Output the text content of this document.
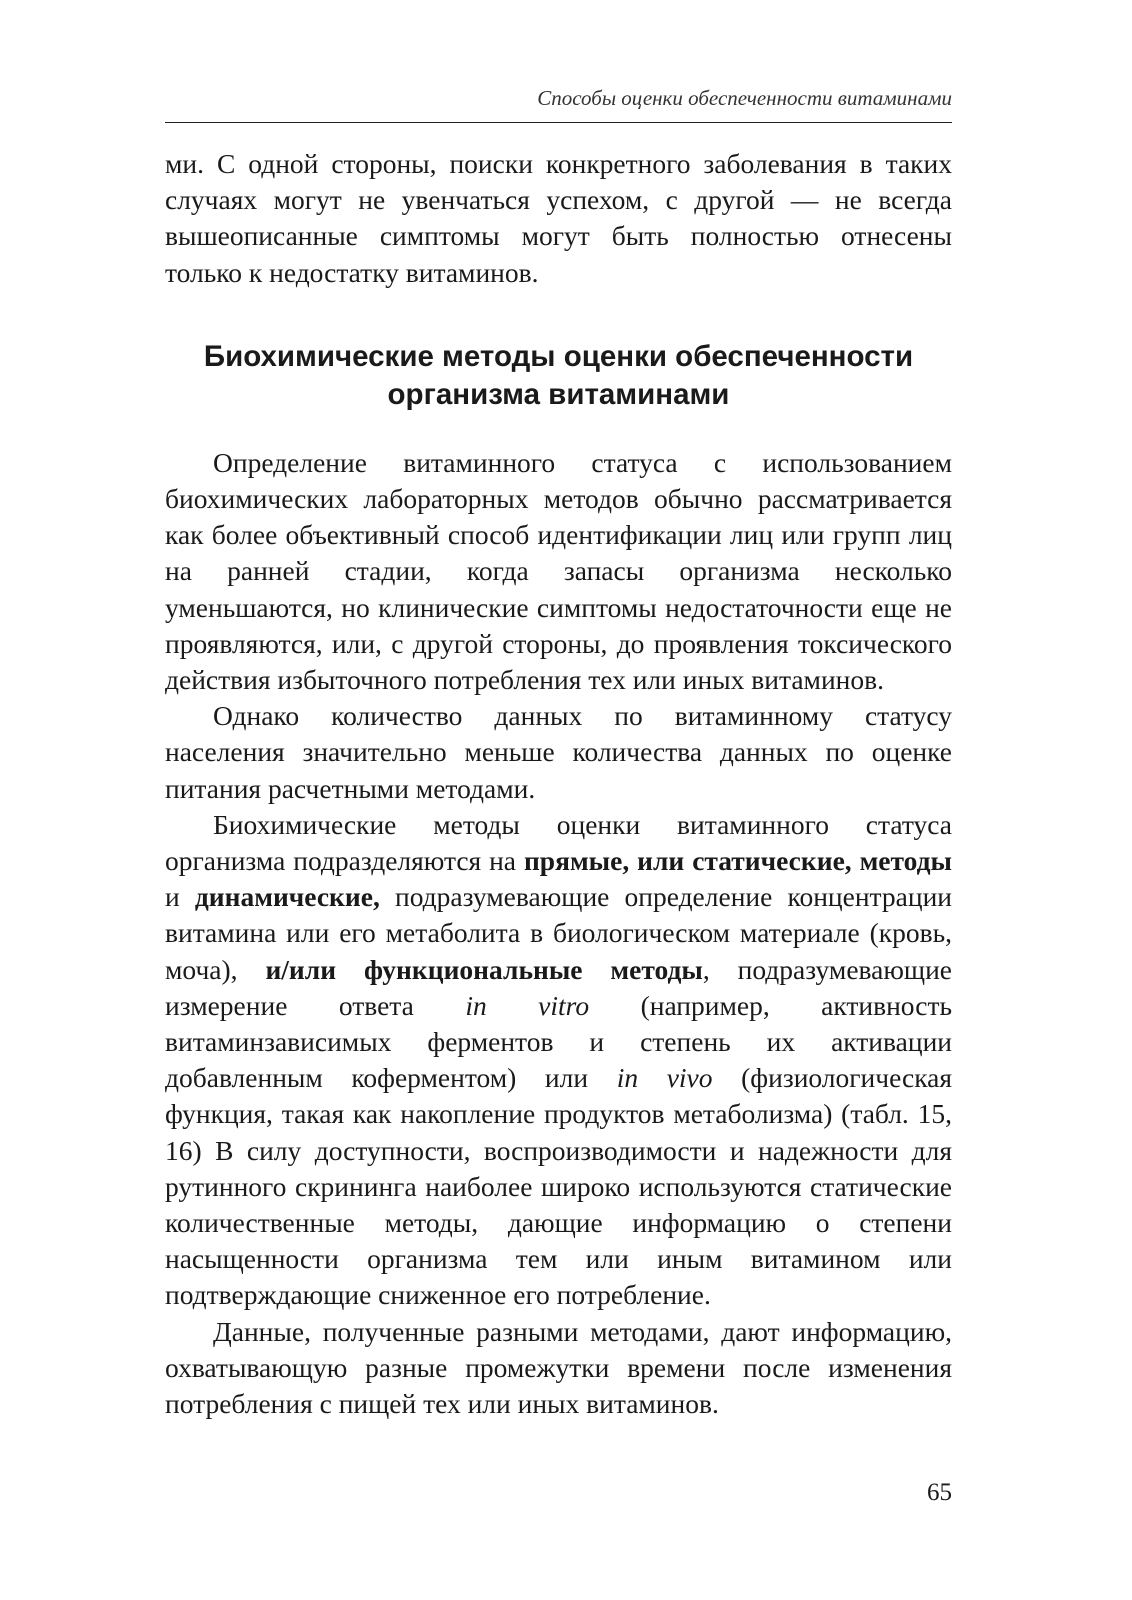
Способы оценки обеспеченности витаминами

ми. С одной стороны, поиски конкретного заболевания в таких случаях могут не увенчаться успехом, с другой — не всегда вышеописанные симптомы могут быть полностью отнесены только к недостатку витаминов.

Биохимические методы оценки обеспеченности
организма витаминами

Определение витаминного статуса с использованием биохимических лабораторных методов обычно рассматривается как более объективный способ идентификации лиц или групп лиц на ранней стадии, когда запасы организма несколько уменьшаются, но клинические симптомы недостаточности еще не проявляются, или, с другой стороны, до проявления токсического действия избыточного потребления тех или иных витаминов.

Однако количество данных по витаминному статусу населения значительно меньше количества данных по оценке питания расчетными методами.

Биохимические методы оценки витаминного статуса организма подразделяются на прямые, или статические, методы и динамические, подразумевающие определение концентрации витамина или его метаболита в биологическом материале (кровь, моча), и/или функциональные методы, подразумевающие измерение ответа in vitro (например, активность витаминзависимых ферментов и степень их активации добавленным коферментом) или in vivo (физиологическая функция, такая как накопление продуктов метаболизма) (табл. 15, 16) В силу доступности, воспроизводимости и надежности для рутинного скрининга наиболее широко используются статические количественные методы, дающие информацию о степени насыщенности организма тем или иным витамином или подтверждающие сниженное его потребление.

Данные, полученные разными методами, дают информацию, охватывающую разные промежутки времени после изменения потребления с пищей тех или иных витаминов.

65
